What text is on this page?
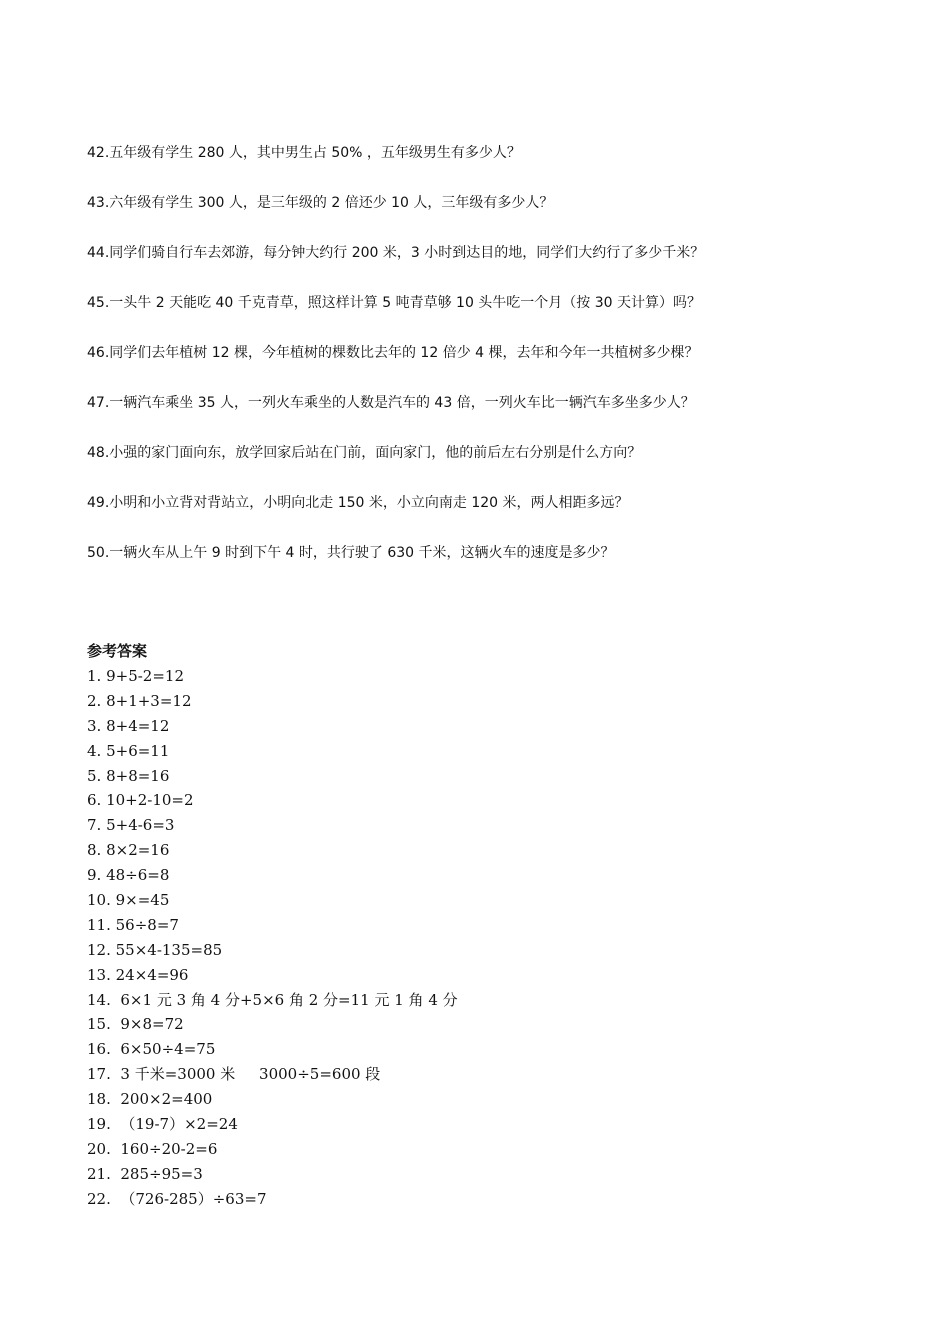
42.五年级有学生 280 人，其中男生占 50% ，五年级男生有多少人？
43.六年级有学生 300 人，是三年级的 2 倍还少 10 人，三年级有多少人？
44.同学们骑自行车去郊游，每分钟大约行 200 米，3 小时到达目的地，同学们大约行了多少千米？
45.一头牛 2 天能吃 40 千克青草，照这样计算 5 吨青草够 10 头牛吃一个月（按 30 天计算）吗？
46.同学们去年植树 12 棵，今年植树的棵数比去年的 12 倍少 4 棵，去年和今年一共植树多少棵？
47.一辆汽车乘坐 35 人，一列火车乘坐的人数是汽车的 43 倍，一列火车比一辆汽车多坐多少人？
48.小强的家门面向东，放学回家后站在门前，面向家门，他的前后左右分别是什么方向？
49.小明和小立背对背站立，小明向北走 150 米，小立向南走 120 米，两人相距多远？
50.一辆火车从上午 9 时到下午 4 时，共行驶了 630 千米，这辆火车的速度是多少？
参考答案
1. 9+5-2=12
2. 8+1+3=12
3. 8+4=12
4. 5+6=11
5. 8+8=16
6. 10+2-10=2
7. 5+4-6=3
8. 8×2=16
9. 48÷6=8
10. 9×=45
11. 56÷8=7
12. 55×4-135=85
13. 24×4=96
14.  6×1 元 3 角 4 分+5×6 角 2 分=11 元 1 角 4 分
15.  9×8=72
16.  6×50÷4=75
17.  3 千米=3000 米     3000÷5=600 段
18.  200×2=400
19.  （19-7）×2=24
20.  160÷20-2=6
21.  285÷95=3
22.  （726-285）÷63=7
